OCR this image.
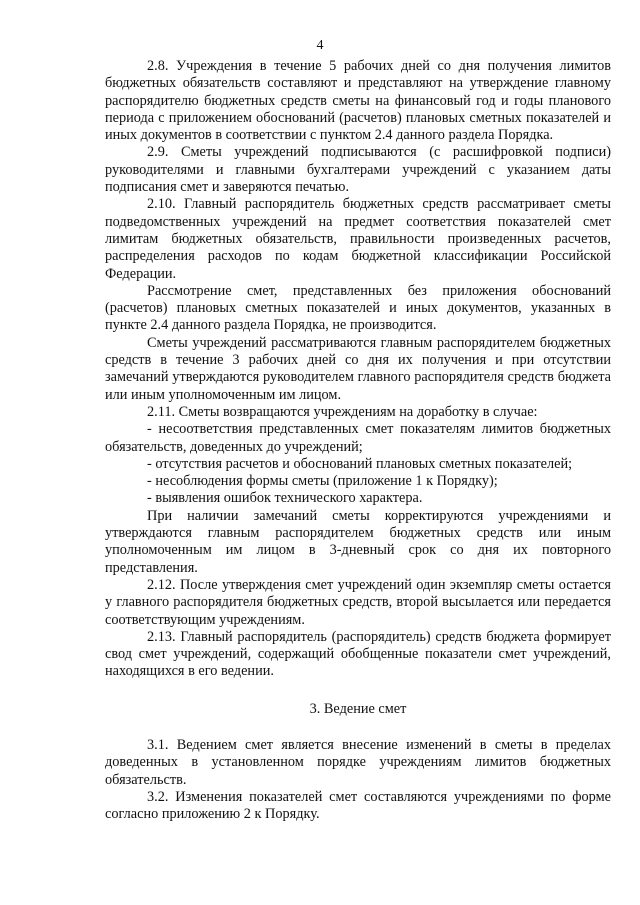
4

2.8. Учреждения в течение 5 рабочих дней со дня получения лимитов бюджетных обязательств составляют и представляют на утверждение главному распорядителю бюджетных средств сметы на финансовый год и годы планового периода с приложением обоснований (расчетов) плановых сметных показателей и иных документов в соответствии с пунктом 2.4 данного раздела Порядка.

2.9. Сметы учреждений подписываются (с расшифровкой подписи) руководителями и главными бухгалтерами учреждений с указанием даты подписания смет и заверяются печатью.

2.10. Главный распорядитель бюджетных средств рассматривает сметы подведомственных учреждений на предмет соответствия показателей смет лимитам бюджетных обязательств, правильности произведенных расчетов, распределения расходов по кодам бюджетной классификации Российской Федерации.

Рассмотрение смет, представленных без приложения обоснований (расчетов) плановых сметных показателей и иных документов, указанных в пункте 2.4 данного раздела Порядка, не производится.

Сметы учреждений рассматриваются главным распорядителем бюджетных средств в течение 3 рабочих дней со дня их получения и при отсутствии замечаний утверждаются руководителем главного распорядителя средств бюджета или иным уполномоченным им лицом.

2.11. Сметы возвращаются учреждениям на доработку в случае:

- несоответствия представленных смет показателям лимитов бюджетных обязательств, доведенных до учреждений;

- отсутствия расчетов и обоснований плановых сметных показателей;

- несоблюдения формы сметы (приложение 1 к Порядку);

- выявления ошибок технического характера.

При наличии замечаний сметы корректируются учреждениями и утверждаются главным распорядителем бюджетных средств или иным уполномоченным им лицом в 3-дневный срок со дня их повторного представления.

2.12. После утверждения смет учреждений один экземпляр сметы остается у главного распорядителя бюджетных средств, второй высылается или передается соответствующим учреждениям.

2.13. Главный распорядитель (распорядитель) средств бюджета формирует свод смет учреждений, содержащий обобщенные показатели смет учреждений, находящихся в его ведении.

3. Ведение смет

3.1. Ведением смет является внесение изменений в сметы в пределах доведенных в установленном порядке учреждениям лимитов бюджетных обязательств.

3.2. Изменения показателей смет составляются учреждениями по форме согласно приложению 2 к Порядку.
